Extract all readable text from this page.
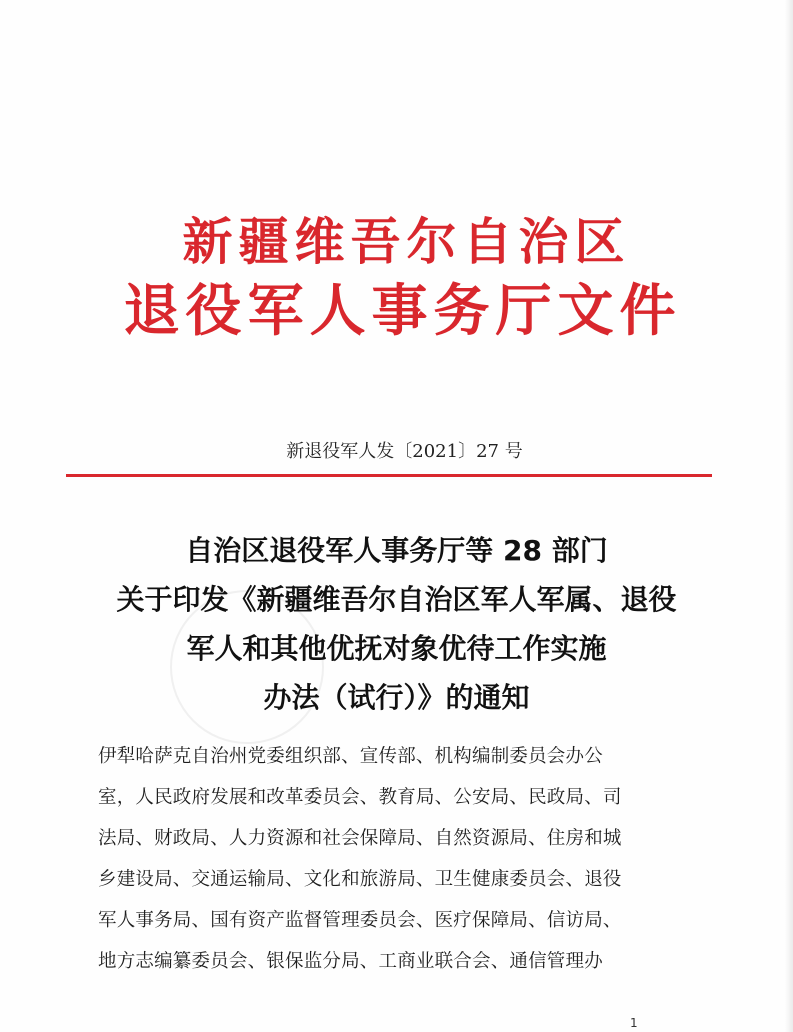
新疆维吾尔自治区
退役军人事务厅文件
新退役军人发〔2021〕27 号
自治区退役军人事务厅等 28 部门
关于印发《新疆维吾尔自治区军人军属、退役
军人和其他优抚对象优待工作实施
办法（试行）》的通知
伊犁哈萨克自治州党委组织部、宣传部、机构编制委员会办公
室，人民政府发展和改革委员会、教育局、公安局、民政局、司
法局、财政局、人力资源和社会保障局、自然资源局、住房和城
乡建设局、交通运输局、文化和旅游局、卫生健康委员会、退役
军人事务局、国有资产监督管理委员会、医疗保障局、信访局、
地方志编纂委员会、银保监分局、工商业联合会、通信管理办
1
